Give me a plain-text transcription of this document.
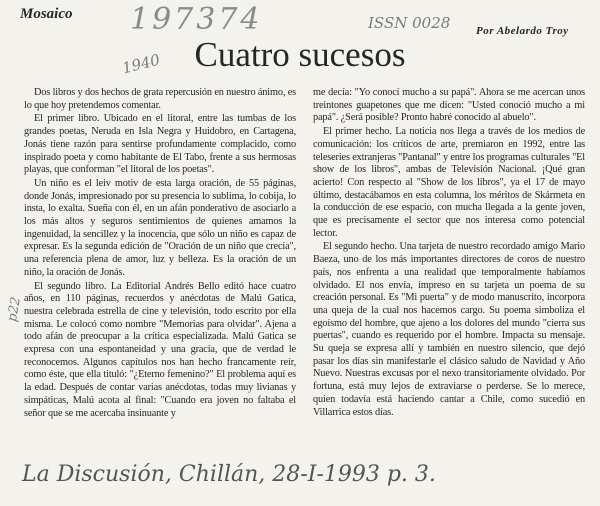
Mosaico 197374	ISSN 0028
1940
p22

Por Abelardo Troy

Cuatro sucesos

Dos libros y dos hechos de grata repercusión en nuestro ánimo, es lo que hoy pretendemos comentar.

El primer libro. Ubicado en el litoral, entre las tumbas de los grandes poetas, Neruda en Isla Negra y Huidobro, en Cartagena, Jonás tiene razón para sentirse profundamente complacido, como inspirado poeta y como habitante de El Tabo, frente a sus hermosas playas, que conforman "el litoral de los poetas".

Un niño es el leiv motiv de esta larga oración, de 55 páginas, donde Jonás, impresionado por su presencia lo sublima, lo cobija, lo insta, lo exalta. Sueña con él, en un afán ponderativo de asociarlo a los más altos y seguros sentimientos de quienes amamos la ingenuidad, la sencillez y la inocencia, que sólo un niño es capaz de expresar. Es la segunda edición de "Oración de un niño que crecía", una referencia plena de amor, luz y belleza. Es la oración de un niño, la oración de Jonás.

El segundo libro. La Editorial Andrés Bello editó hace cuatro años, en 110 páginas, recuerdos y anécdotas de Malú Gatica, nuestra celebrada estrella de cine y televisión, todo escrito por ella misma. Le colocó como nombre "Memorias para olvidar". Ajena a todo afán de preocupar a la crítica especializada. Malú Gatica se expresa con una espontaneidad y una gracia, que de verdad le reconocemos. Algunos capítulos nos han hecho francamente reír, como éste, que ella tituló: "¿Eterno femenino?" El problema aquí es la edad. Después de contar varias anécdotas, todas muy livianas y simpáticas, Malú acota al final: "Cuando era joven no faltaba el señor que se me acercaba insinuante y

me decía: "Yo conocí mucho a su papá". Ahora se me acercan unos treintones guapetones que me dicen: "Usted conoció mucho a mi papá". ¿Será posible? Pronto habré conocido al abuelo".

El primer hecho. La noticia nos llega a través de los medios de comunicación: los críticos de arte, premiaron en 1992, entre las teleseries extranjeras "Pantanal" y entre los programas culturales "El show de los libros", ambas de Televisión Nacional. ¡Qué gran acierto! Con respecto al "Show de los libros", ya el 17 de mayo último, destacábamos en esta columna, los méritos de Skármeta en la conducción de ese espacio, con mucha llegada a la gente joven, que es precisamente el sector que nos interesa como potencial lector.

El segundo hecho. Una tarjeta de nuestro recordado amigo Mario Baeza, uno de los más importantes directores de coros de nuestro país, nos enfrenta a una realidad que temporalmente habíamos olvidado. El nos envía, impreso en su tarjeta un poema de su creación personal. Es "Mi puerta" y de modo manuscrito, incorpora una queja de la cual nos hacemos cargo. Su poema simboliza el egoísmo del hombre, que ajeno a los dolores del mundo "cierra sus puertas", cuando es requerido por el hombre. Impacta su mensaje. Su queja se expresa allí y también en nuestro silencio, que dejó pasar los días sin manifestarle el clásico saludo de Navidad y Año Nuevo. Nuestras excusas por el nexo transitoriamente olvidado. Por fortuna, está muy lejos de extraviarse o perderse. Se lo merece, quien todavía está haciendo cantar a Chile, como sucedió en Villarrica estos días.

La Discusión, Chillán, 28-I-1993 p. 3.
